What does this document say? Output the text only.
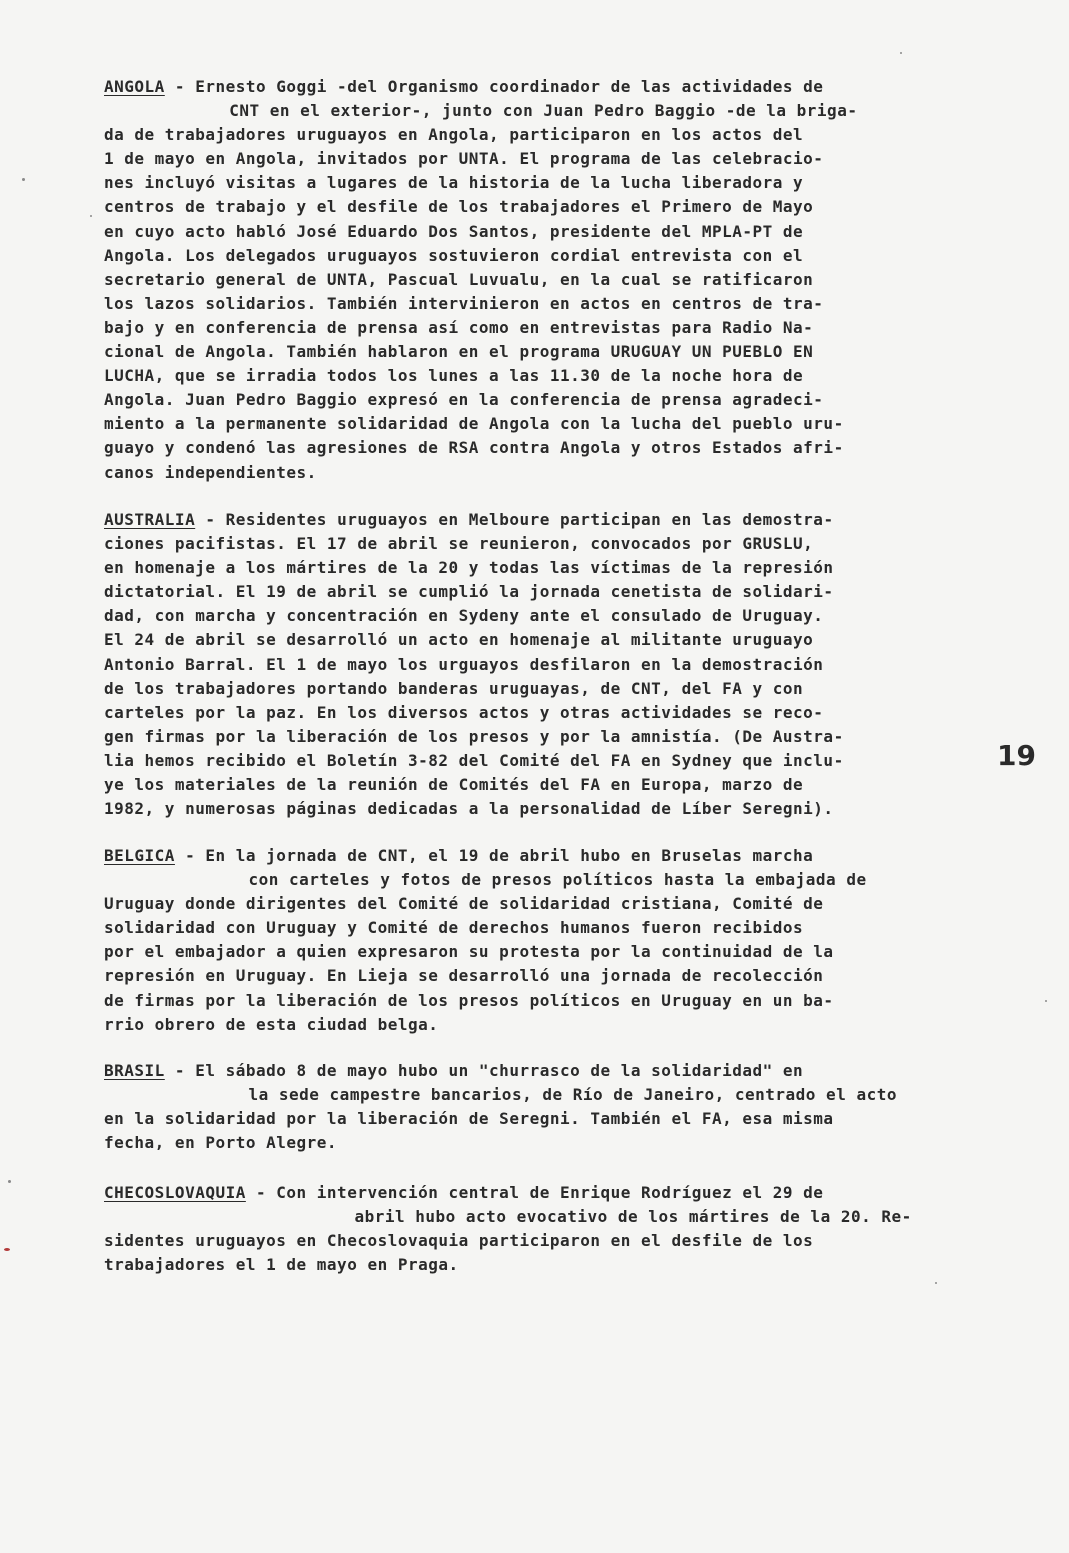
ANGOLA - Ernesto Goggi -del Organismo coordinador de las actividades de
CNT en el exterior-, junto con Juan Pedro Baggio -de la briga-
da de trabajadores uruguayos en Angola, participaron en los actos del
1 de mayo en Angola, invitados por UNTA. El programa de las celebracio-
nes incluyó visitas a lugares de la historia de la lucha liberadora y
centros de trabajo y el desfile de los trabajadores el Primero de Mayo
en cuyo acto habló José Eduardo Dos Santos, presidente del MPLA-PT de
Angola. Los delegados uruguayos sostuvieron cordial entrevista con el
secretario general de UNTA, Pascual Luvualu, en la cual se ratificaron
los lazos solidarios. También intervinieron en actos en centros de tra-
bajo y en conferencia de prensa así como en entrevistas para Radio Na-
cional de Angola. También hablaron en el programa URUGUAY UN PUEBLO EN
LUCHA, que se irradia todos los lunes a las 11.30 de la noche hora de
Angola. Juan Pedro Baggio expresó en la conferencia de prensa agradeci-
miento a la permanente solidaridad de Angola con la lucha del pueblo uru-
guayo y condenó las agresiones de RSA contra Angola y otros Estados afri-
canos independientes.
AUSTRALIA - Residentes uruguayos en Melboure participan en las demostra-
ciones pacifistas. El 17 de abril se reunieron, convocados por GRUSLU,
en homenaje a los mártires de la 20 y todas las víctimas de la represión
dictatorial. El 19 de abril se cumplió la jornada cenetista de solidari-
dad, con marcha y concentración en Sydeny ante el consulado de Uruguay.
El 24 de abril se desarrolló un acto en homenaje al militante uruguayo
Antonio Barral. El 1 de mayo los urguayos desfilaron en la demostración
de los trabajadores portando banderas uruguayas, de CNT, del FA y con
carteles por la paz. En los diversos actos y otras actividades se reco-
gen firmas por la liberación de los presos y por la amnistía. (De Austra-
lia hemos recibido el Boletín 3-82 del Comité del FA en Sydney que inclu-
ye los materiales de la reunión de Comités del FA en Europa, marzo de
1982, y numerosas páginas dedicadas a la personalidad de Líber Seregni).
BELGICA - En la jornada de CNT, el 19 de abril hubo en Bruselas marcha
con carteles y fotos de presos políticos hasta la embajada de
Uruguay donde dirigentes del Comité de solidaridad cristiana, Comité de
solidaridad con Uruguay y Comité de derechos humanos fueron recibidos
por el embajador a quien expresaron su protesta por la continuidad de la
represión en Uruguay. En Lieja se desarrolló una jornada de recolección
de firmas por la liberación de los presos políticos en Uruguay en un ba-
rrio obrero de esta ciudad belga.
BRASIL - El sábado 8 de mayo hubo un "churrasco de la solidaridad" en
la sede campestre bancarios, de Río de Janeiro, centrado el acto
en la solidaridad por la liberación de Seregni. También el FA, esa misma
fecha, en Porto Alegre.
CHECOSLOVAQUIA - Con intervención central de Enrique Rodríguez el 29 de
abril hubo acto evocativo de los mártires de la 20. Re-
sidentes uruguayos en Checoslovaquia participaron en el desfile de los
trabajadores el 1 de mayo en Praga.
19
